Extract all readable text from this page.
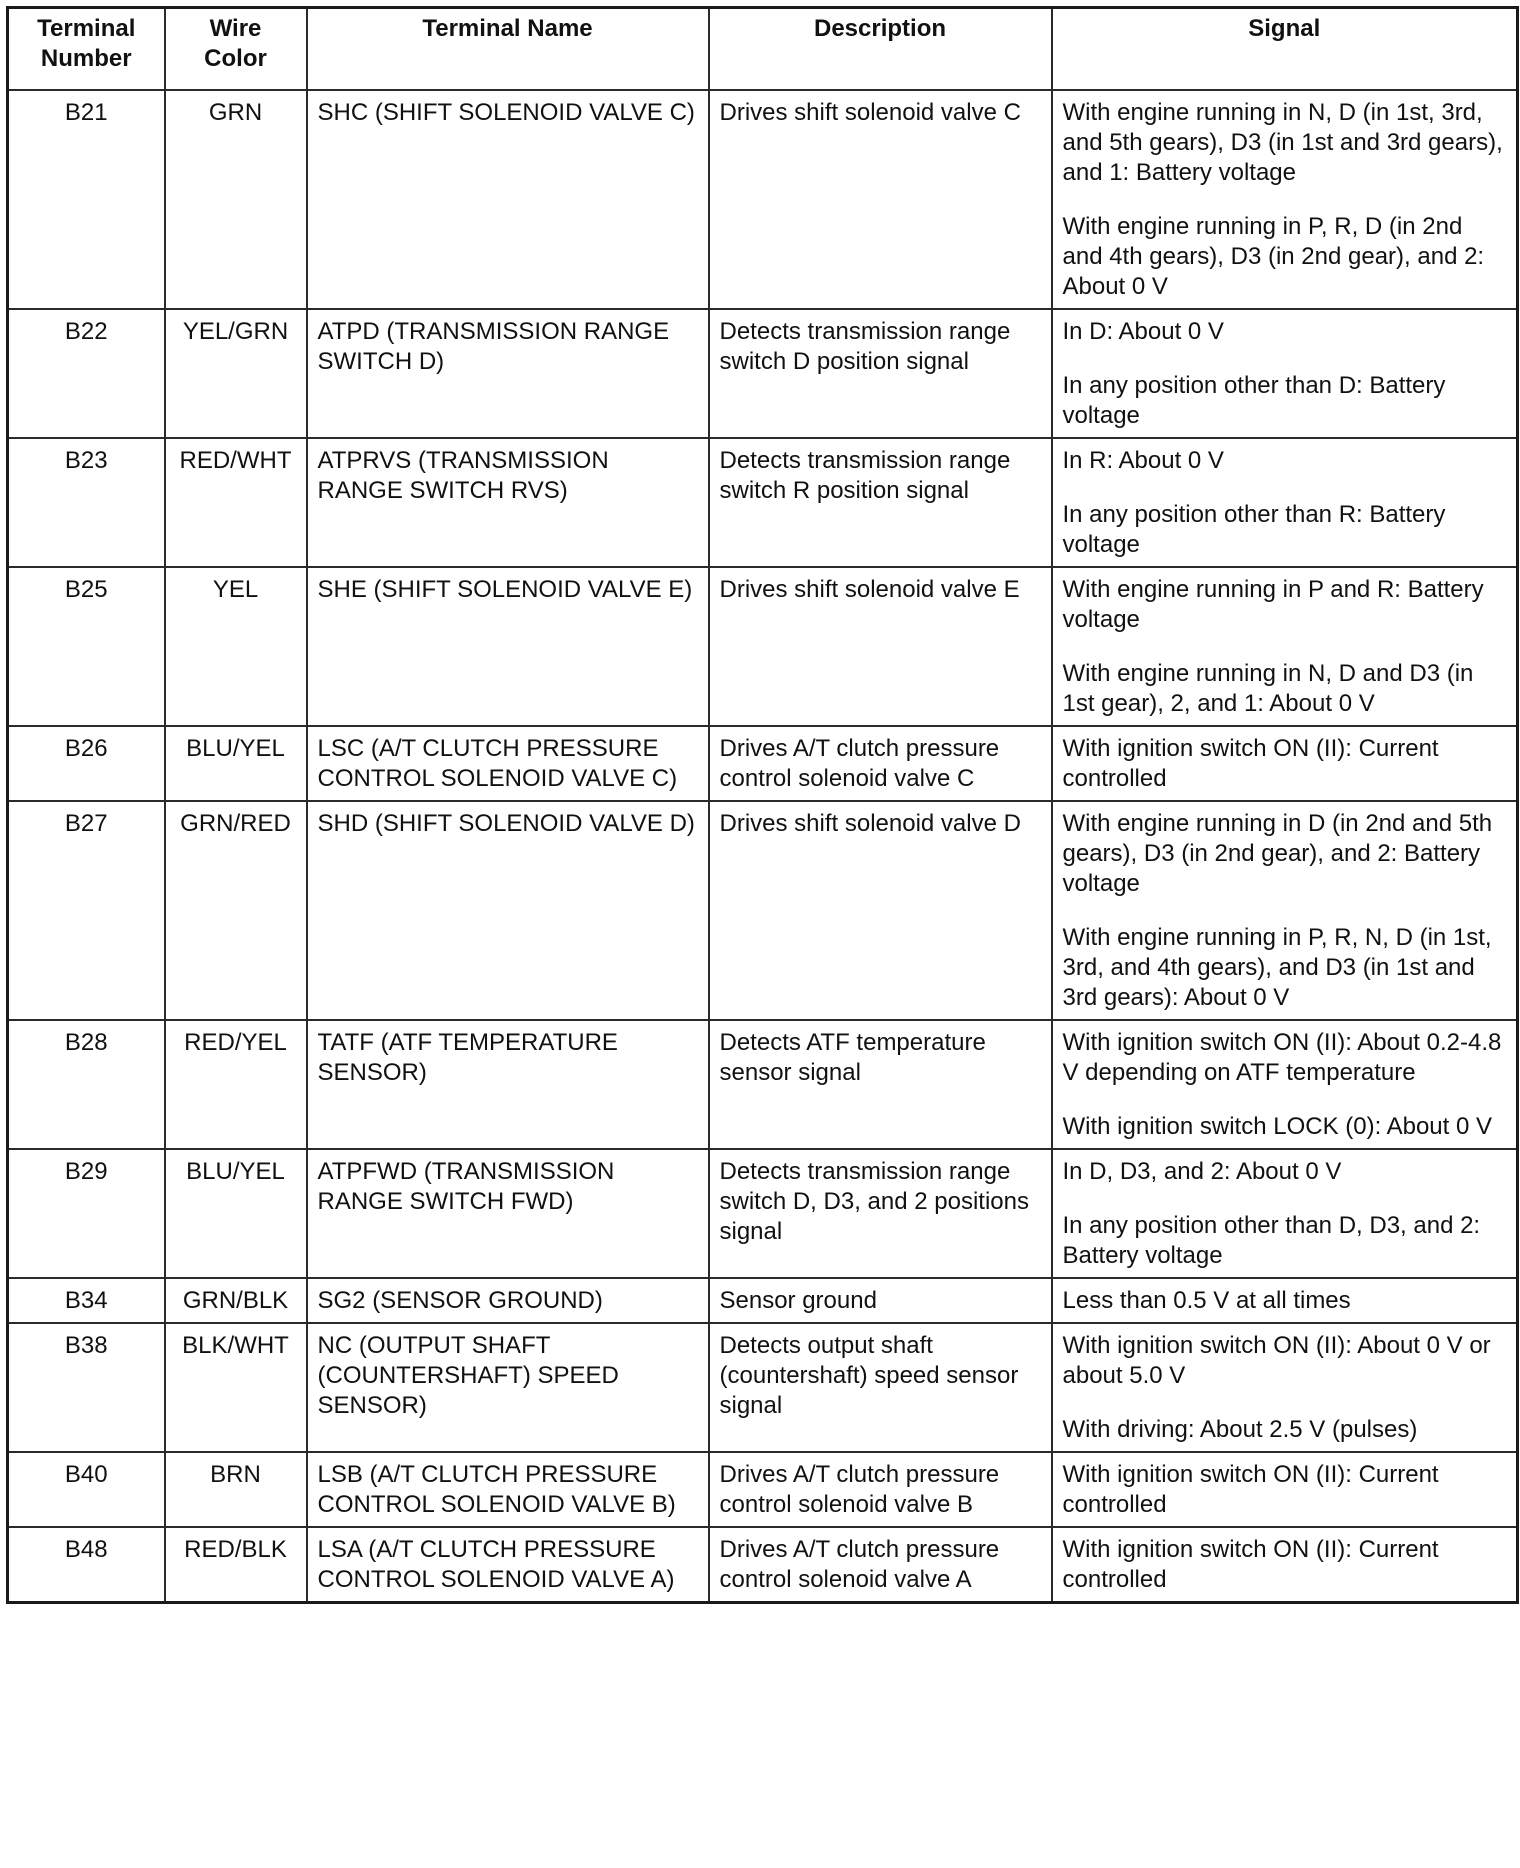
Terminal Number	Wire Color	Terminal Name	Description	Signal
B21	GRN	SHC (SHIFT SOLENOID VALVE C)	Drives shift solenoid valve C	With engine running in N, D (in 1st, 3rd, and 5th gears), D3 (in 1st and 3rd gears), and 1: Battery voltage
With engine running in P, R, D (in 2nd and 4th gears), D3 (in 2nd gear), and 2: About 0 V

B22	YEL/GRN	ATPD (TRANSMISSION RANGE SWITCH D)	Detects transmission range switch D position signal	In D: About 0 V
In any position other than D: Battery voltage

B23	RED/WHT	ATPRVS (TRANSMISSION RANGE SWITCH RVS)	Detects transmission range switch R position signal	In R: About 0 V
In any position other than R: Battery voltage

B25	YEL	SHE (SHIFT SOLENOID VALVE E)	Drives shift solenoid valve E	With engine running in P and R: Battery voltage
With engine running in N, D and D3 (in 1st gear), 2, and 1: About 0 V

B26	BLU/YEL	LSC (A/T CLUTCH PRESSURE CONTROL SOLENOID VALVE C)	Drives A/T clutch pressure control solenoid valve C	With ignition switch ON (II): Current controlled

B27	GRN/RED	SHD (SHIFT SOLENOID VALVE D)	Drives shift solenoid valve D	With engine running in D (in 2nd and 5th gears), D3 (in 2nd gear), and 2: Battery voltage
With engine running in P, R, N, D (in 1st, 3rd, and 4th gears), and D3 (in 1st and 3rd gears): About 0 V

B28	RED/YEL	TATF (ATF TEMPERATURE SENSOR)	Detects ATF temperature sensor signal	With ignition switch ON (II): About 0.2-4.8 V depending on ATF temperature
With ignition switch LOCK (0): About 0 V

B29	BLU/YEL	ATPFWD (TRANSMISSION RANGE SWITCH FWD)	Detects transmission range switch D, D3, and 2 positions signal	In D, D3, and 2: About 0 V
In any position other than D, D3, and 2: Battery voltage

B34	GRN/BLK	SG2 (SENSOR GROUND)	Sensor ground	Less than 0.5 V at all times

B38	BLK/WHT	NC (OUTPUT SHAFT (COUNTERSHAFT) SPEED SENSOR)	Detects output shaft (countershaft) speed sensor signal	With ignition switch ON (II): About 0 V or about 5.0 V
With driving: About 2.5 V (pulses)

B40	BRN	LSB (A/T CLUTCH PRESSURE CONTROL SOLENOID VALVE B)	Drives A/T clutch pressure control solenoid valve B	With ignition switch ON (II): Current controlled

B48	RED/BLK	LSA (A/T CLUTCH PRESSURE CONTROL SOLENOID VALVE A)	Drives A/T clutch pressure control solenoid valve A	With ignition switch ON (II): Current controlled
